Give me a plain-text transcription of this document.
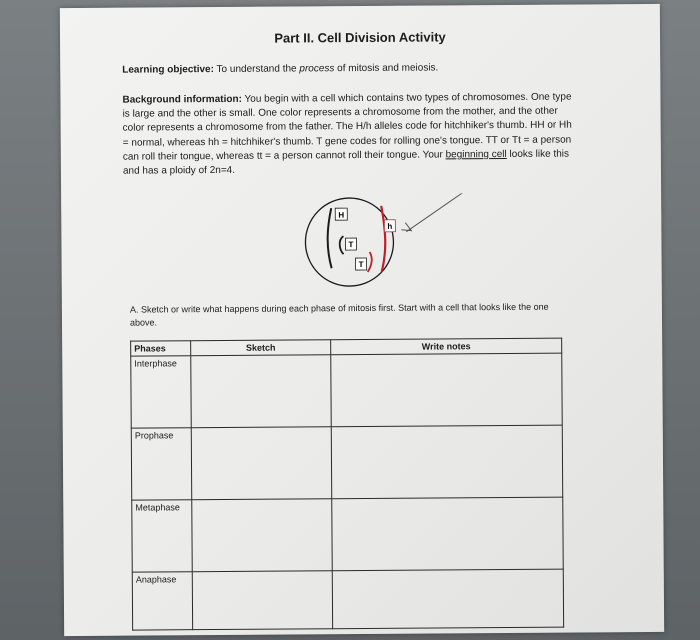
Part II. Cell Division Activity
Learning objective: To understand the process of mitosis and meiosis.
Background information: You begin with a cell which contains two types of chromosomes. One type is large and the other is small. One color represents a chromosome from the mother, and the other color represents a chromosome from the father. The H/h alleles code for hitchhiker's thumb. HH or Hh = normal, whereas hh = hitchhiker's thumb. T gene codes for rolling one's tongue. TT or Tt = a person can roll their tongue, whereas tt = a person cannot roll their tongue. Your beginning cell looks like this and has a ploidy of 2n=4.
H
h
T
T
A. Sketch or write what happens during each phase of mitosis first. Start with a cell that looks like the one above.
Phases	Sketch	Write notes

Interphase		

Prophase		

Metaphase		

Anaphase		
